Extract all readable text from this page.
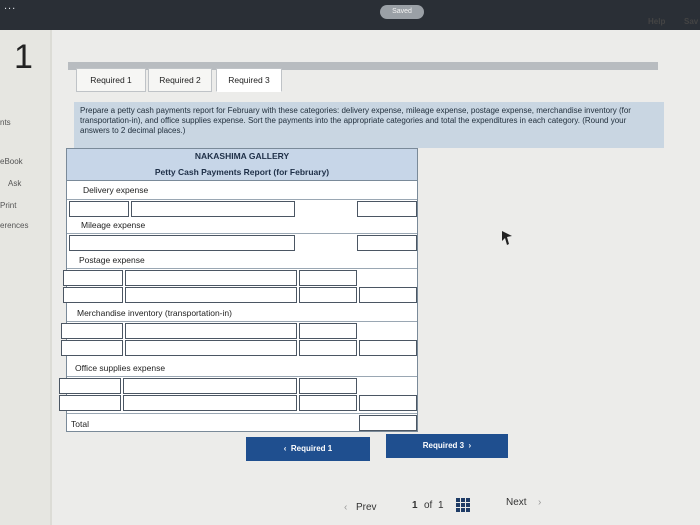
...	Saved
Help Sav
1
nts
eBook
Ask
Print
erences
Required 1	Required 2	Required 3
Prepare a petty cash payments report for February with these categories: delivery expense, mileage expense, postage expense, merchandise inventory (for transportation-in), and office supplies expense. Sort the payments into the appropriate categories and total the expenditures in each category. (Round your answers to 2 decimal places.)
NAKASHIMA GALLERY
Petty Cash Payments Report (for February)
Delivery expense
Mileage expense
Postage expense
Merchandise inventory (transportation-in)
Office supplies expense
Total
‹  Required 1	Required 3  ›
‹ Prev	1 of 1	Next ›
